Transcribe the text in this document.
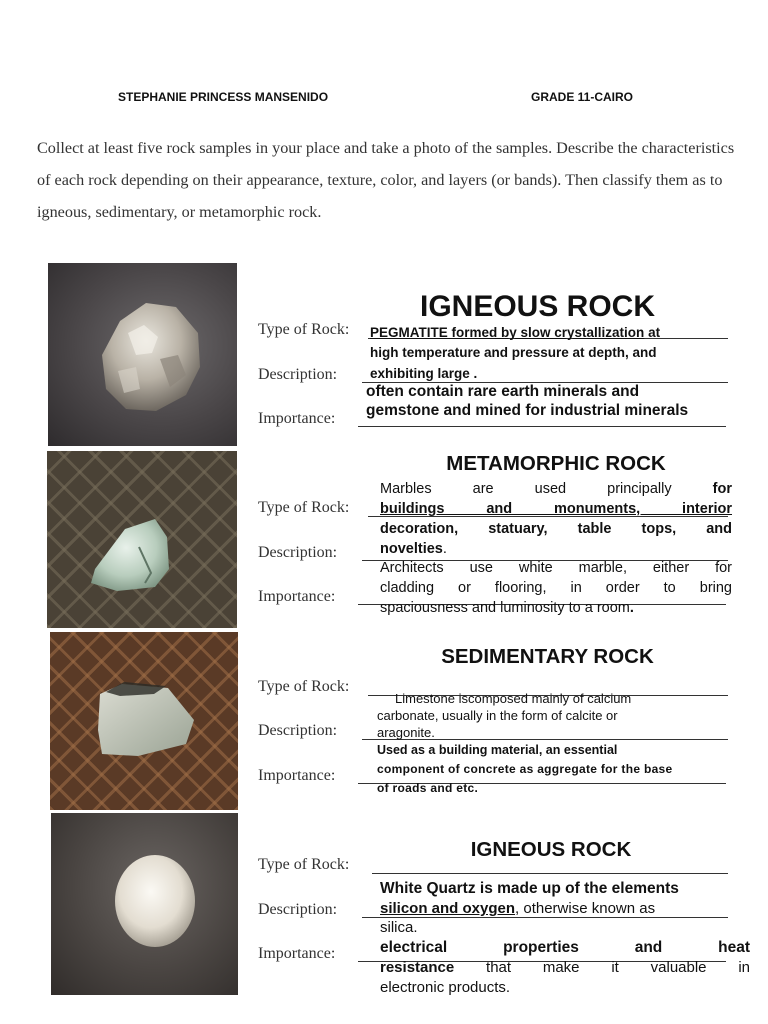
STEPHANIE PRINCESS MANSENIDO	GRADE 11-CAIRO
Collect at least five rock samples in your place and take a photo of the samples. Describe the characteristics of each rock depending on their appearance, texture, color, and layers (or bands). Then classify them as to igneous, sedimentary, or metamorphic rock.
Type of Rock:
Description:
Importance:
Type of Rock:
Description:
Importance:
Type of Rock:
Description:
Importance:
Type of Rock:
Description:
Importance:
IGNEOUS ROCK
METAMORPHIC ROCK
SEDIMENTARY ROCK
IGNEOUS ROCK
PEGMATITE formed by slow crystallization at
high temperature and pressure at depth, and
exhibiting large .
often contain rare earth minerals and
gemstone and mined for industrial minerals
Marbles are used principally	for
buildings and monuments, interior
decoration, statuary, table tops, and
novelties.
Architects use white marble, either for
cladding or flooring, in order to bring
spaciousness and luminosity to a room.
Limestone iscomposed mainly of calcium
carbonate, usually in the form of calcite or
aragonite.
Used as a building material, an essential
component of concrete as aggregate for the base
of roads and etc.
White Quartz is made up of the elements
silicon and oxygen, otherwise known as
silica.
electrical properties and heat
resistance that make it valuable in
electronic products.
